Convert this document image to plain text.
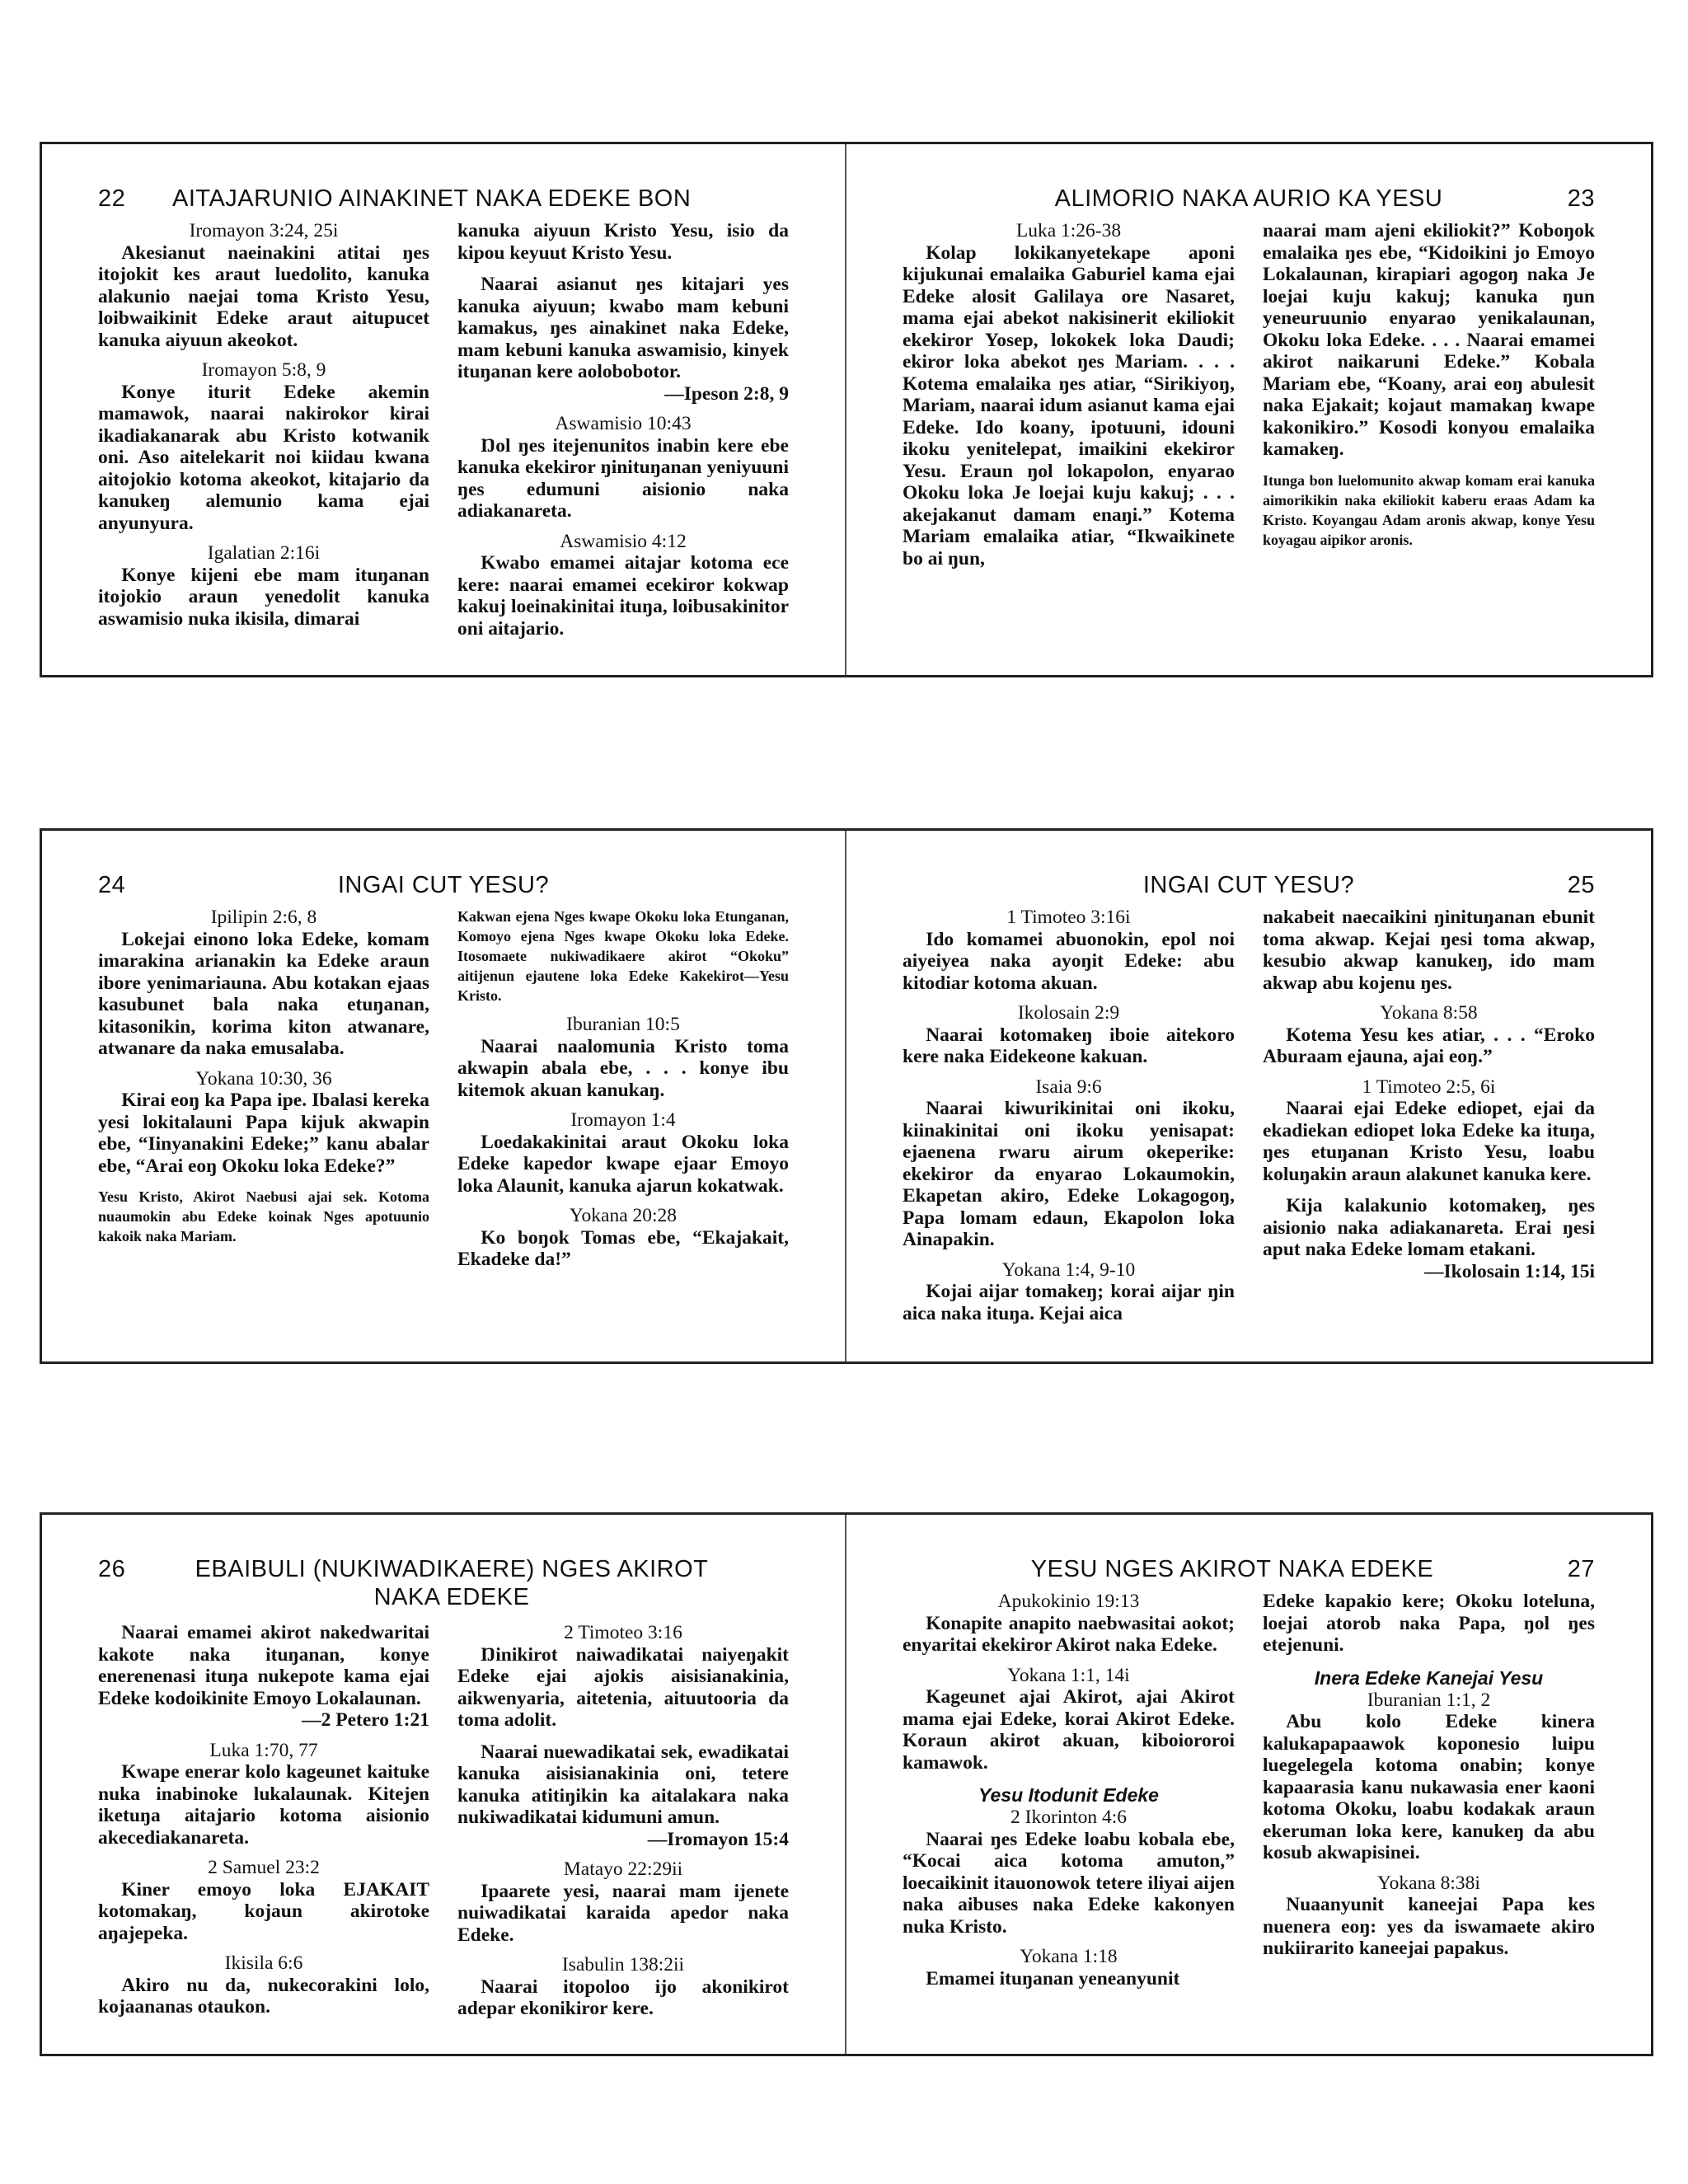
22 AITAJARUNIO AINAKINET NAKA EDEKE BON
Iromayon 3:24, 25i
Akesianut naeinakini atitai ŋes itojokit kes araut luedolito, kanuka alakunio naejai toma Kristo Yesu, loibwaikinit Edeke araut aitupucet kanuka aiyuun akeokot.
Iromayon 5:8, 9
Konye iturit Edeke akemin mamawok, naarai nakirokor kirai ikadiakanarak abu Kristo kotwanik oni. Aso aitelekarit noi kiidau kwana aitojokio kotoma akeokot, kitajario da kanukeŋ alemunio kama ejai anyunyura.
Igalatian 2:16i
Konye kijeni ebe mam ituŋanan itojokio araun yenedolit kanuka aswamisio nuka ikisila, dimarai
kanuka aiyuun Kristo Yesu, isio da kipou keyuut Kristo Yesu.
Naarai asianut ŋes kitajari yes kanuka aiyuun; kwabo mam kebuni kamakus, ŋes ainakinet naka Edeke, mam kebuni kanuka aswamisio, kinyek ituŋanan kere aolobobotor.
—Ipeson 2:8, 9
Aswamisio 10:43
Ŋol ŋes itejenunitos inabin kere ebe kanuka ekekiror ŋinituŋanan yeniyuuni ŋes edumuni aisionio naka adiakanareta.
Aswamisio 4:12
Kwabo emamei aitajar kotoma ece kere: naarai emamei ecekiror kokwap kakuj loeinakinitai ituŋa, loibusakinitor oni aitajario.
ALIMORIO NAKA AURIO KA YESU	23
Luka 1:26-38
Kolap lokikanyetekape aponi kijukunai emalaika Gaburiel kama ejai Edeke alosit Galilaya ore Nasaret, mama ejai abekot nakisinerit ekiliokit ekekiror Yosep, lokokek loka Daudi; ekiror loka abekot ŋes Mariam. . . . Kotema emalaika ŋes atiar, “Sirikiyoŋ, Mariam, naarai idum asianut kama ejai Edeke. Ido koany, ipotuuni, idouni ikoku yenitelepat, imaikini ekekiror Yesu. Eraun ŋol lokapolon, enyarao Okoku loka Je loejai kuju kakuj; . . . akejakanut damam enaŋi.” Kotema Mariam emalaika atiar, “Ikwaikinete bo ai ŋun,
naarai mam ajeni ekiliokit?” Koboŋok emalaika ŋes ebe, “Kidoikini jo Emoyo Lokalaunan, kirapiari agogoŋ naka Je loejai kuju kakuj; kanuka ŋun yeneuruunio enyarao yenikalaunan, Okoku loka Edeke. . . . Naarai emamei akirot naikaruni Edeke.” Kobala Mariam ebe, “Koany, arai eoŋ abulesit naka Ejakait; kojaut mamakaŋ kwape kakonikiro.” Kosodi konyou emalaika kamakeŋ.
Itunga bon luelomunito akwap komam erai kanuka aimorikikin naka ekiliokit kaberu eraas Adam ka Kristo. Koyangau Adam aronis akwap, konye Yesu koyagau aipikor aronis.
24	INGAI CUT YESU?
Ipilipin 2:6, 8
Lokejai einono loka Edeke, komam imarakina arianakin ka Edeke araun ibore yenimariauna. Abu kotakan ejaas kasubunet bala naka etuŋanan, kitasonikin, korima kiton atwanare, atwanare da naka emusalaba.
Yokana 10:30, 36
Kirai eoŋ ka Papa ipe. Ibalasi kereka yesi lokitalauni Papa kijuk akwapin ebe, “Iinyanakini Edeke;” kanu abalar ebe, “Arai eoŋ Okoku loka Edeke?”
Yesu Kristo, Akirot Naebusi ajai sek. Kotoma nuaumokin abu Edeke koinak Nges apotuunio kakoik naka Mariam.
Kakwan ejena Nges kwape Okoku loka Etunganan, Komoyo ejena Nges kwape Okoku loka Edeke. Itosomaete nukiwadikaere akirot “Okoku” aitijenun ejautene loka Edeke Kakekirot—Yesu Kristo.
Iburanian 10:5
Naarai naalomunia Kristo toma akwapin abala ebe, . . . konye ibu kitemok akuan kanukaŋ.
Iromayon 1:4
Loedakakinitai araut Okoku loka Edeke kapedor kwape ejaar Emoyo loka Alaunit, kanuka ajarun kokatwak.
Yokana 20:28
Ko boŋok Tomas ebe, “Ekajakait, Ekadeke da!”
INGAI CUT YESU?	25
1 Timoteo 3:16i
Ido komamei abuonokin, epol noi aiyeiyea naka ayoŋit Edeke: abu kitodiar kotoma akuan.
Ikolosain 2:9
Naarai kotomakeŋ iboie aitekoro kere naka Eidekeone kakuan.
Isaia 9:6
Naarai kiwurikinitai oni ikoku, kiinakinitai oni ikoku yenisapat: ejaenena rwaru airum okeperike: ekekiror da enyarao Lokaumokin, Ekapetan akiro, Edeke Lokagogoŋ, Papa lomam edaun, Ekapolon loka Ainapakin.
Yokana 1:4, 9-10
Kojai aijar tomakeŋ; korai aijar ŋin aica naka ituŋa. Kejai aica
nakabeit naecaikini ŋinituŋanan ebunit toma akwap. Kejai ŋesi toma akwap, kesubio akwap kanukeŋ, ido mam akwap abu kojenu ŋes.
Yokana 8:58
Kotema Yesu kes atiar, . . . “Eroko Aburaam ejauna, ajai eoŋ.”
1 Timoteo 2:5, 6i
Naarai ejai Edeke ediopet, ejai da ekadiekan ediopet loka Edeke ka ituŋa, ŋes etuŋanan Kristo Yesu, loabu koluŋakin araun alakunet kanuka kere.
Kija kalakunio kotomakeŋ, ŋes aisionio naka adiakanareta. Erai ŋesi aput naka Edeke lomam etakani.
—Ikolosain 1:14, 15i
26	EBAIBULI (NUKIWADIKAERE) NGES AKIROT
NAKA EDEKE
Naarai emamei akirot nakedwaritai kakote naka ituŋanan, konye enerenenasi ituŋa nukepote kama ejai Edeke kodoikinite Emoyo Lokalaunan.
—2 Petero 1:21
Luka 1:70, 77
Kwape enerar kolo kageunet kaituke nuka inabinoke lukalaunak. Kitejen iketuŋa aitajario kotoma aisionio akecediakanareta.
2 Samuel 23:2
Kiner emoyo loka EJAKAIT kotomakaŋ, kojaun akirotoke aŋajepeka.
Ikisila 6:6
Akiro nu da, nukecorakini lolo, kojaananas otaukon.
2 Timoteo 3:16
Ŋinikirot naiwadikatai naiyeŋakit Edeke ejai ajokis aisisianakinia, aikwenyaria, aitetenia, aituutooria da toma adolit.
Naarai nuewadikatai sek, ewadikatai kanuka aisisianakinia oni, tetere kanuka atitiŋikin ka aitalakara naka nukiwadikatai kidumuni amun.
—Iromayon 15:4
Matayo 22:29ii
Ipaarete yesi, naarai mam ijenete nuiwadikatai karaida apedor naka Edeke.
Isabulin 138:2ii
Naarai itopoloo ijo akonikirot adepar ekonikiror kere.
YESU NGES AKIROT NAKA EDEKE	27
Apukokinio 19:13
Konapite anapito naebwasitai aokot; enyaritai ekekiror Akirot naka Edeke.
Yokana 1:1, 14i
Kageunet ajai Akirot, ajai Akirot mama ejai Edeke, korai Akirot Edeke. Koraun akirot akuan, kiboiororoi kamawok.
Yesu Itodunit Edeke
2 Ikorinton 4:6
Naarai ŋes Edeke loabu kobala ebe, “Kocai aica kotoma amuton,” loecaikinit itauonowok tetere iliyai aijen naka aibuses naka Edeke kakonyen nuka Kristo.
Yokana 1:18
Emamei ituŋanan yeneanyunit
Edeke kapakio kere; Okoku loteluna, loejai atorob naka Papa, ŋol ŋes etejenuni.
Inera Edeke Kanejai Yesu
Iburanian 1:1, 2
Abu kolo Edeke kinera kalukapapaawok koponesio luipu luegelegela kotoma onabin; konye kapaarasia kanu nukawasia ener kaoni kotoma Okoku, loabu kodakak araun ekeruman loka kere, kanukeŋ da abu kosub akwapisinei.
Yokana 8:38i
Nuaanyunit kaneejai Papa kes nuenera eoŋ: yes da iswamaete akiro nukiirarito kaneejai papakus.
